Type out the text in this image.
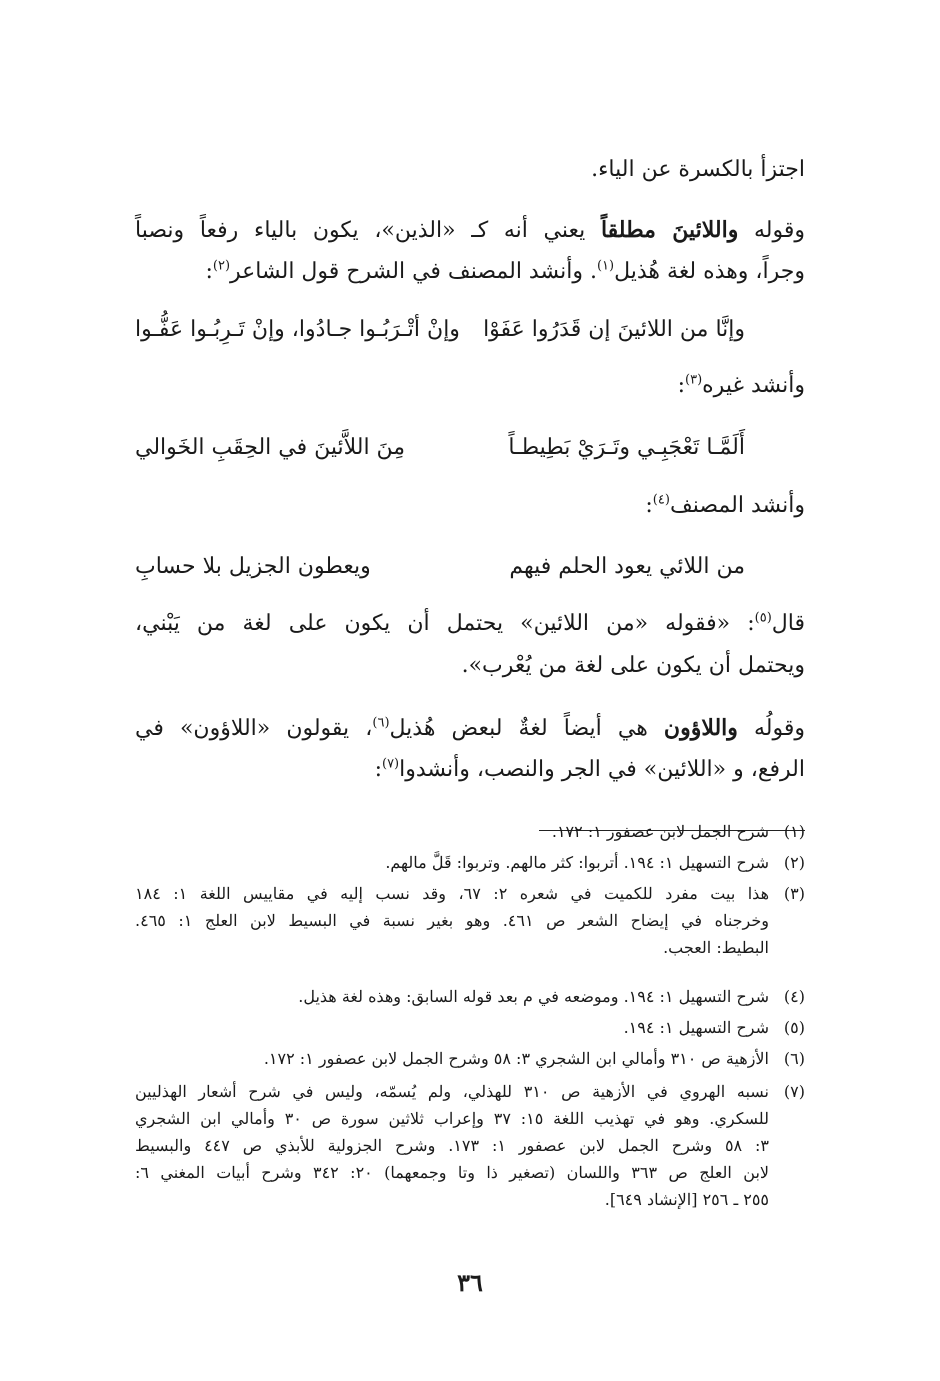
اجتزأ بالكسرة عن الياء.
وقوله واللائينَ مطلقاً يعني أنه كـ «الذين»، يكون بالياء رفعاً ونصباً
وجراً، وهذه لغة هُذيل$^{(١)}$. وأنشد المصنف في الشرح قول الشاعر$^{(٢)}$:
وإنَّا من اللائينَ إن قَدَرُوا عَفَوْا
وإنْ أتْـرَبُـوا جـادُوا، وإنْ تَـرِبُـوا عَفُّـوا
وأنشد غيره$^{(٣)}$:
أَلَمَّـا تَعْجَبِـي وتَـرَيْ بَطِيطـاً
مِنَ اللاَّئينَ في الحِقَبِ الخَوالي
وأنشد المصنف$^{(٤)}$:
من اللائي يعود الحلم فيهم
ويعطون الجزيل بلا حسابِ
قال$^{(٥)}$: «فقوله «من اللائين» يحتمل أن يكون على لغة من يَبْني،
ويحتمل أن يكون على لغة من يُعْرب».
وقولُه واللاؤون هي أيضاً لغةٌ لبعض هُذيل$^{(٦)}$، يقولون «اللاؤون» في
الرفع، و «اللائين» في الجر والنصب، وأنشدوا$^{(٧)}$:
(١)
شرح الجمل لابن عصفور ١: ١٧٢.
(٢)
شرح التسهيل ١: ١٩٤. أتربوا: كثر مالهم. وتربوا: قَلَّ مالهم.
(٣)
هذا بيت مفرد للكميت في شعره ٢: ٦٧، وقد نسب إليه في مقاييس اللغة ١: ١٨٤
وخرجناه في إيضاح الشعر ص ٤٦١. وهو بغير نسبة في البسيط لابن العلج ١: ٤٦٥.
البطيط: العجب.
(٤)
شرح التسهيل ١: ١٩٤. وموضعه في م بعد قوله السابق: وهذه لغة هذيل.
(٥)
شرح التسهيل ١: ١٩٤.
(٦)
الأزهية ص ٣١٠ وأمالي ابن الشجري ٣: ٥٨ وشرح الجمل لابن عصفور ١: ١٧٢.
(٧)
نسبه الهروي في الأزهية ص ٣١٠ للهذلي، ولم يُسمّه، وليس في شرح أشعار الهذليين
للسكري. وهو في تهذيب اللغة ١٥: ٣٧ وإعراب ثلاثين سورة ص ٣٠ وأمالي ابن الشجري
٣: ٥٨ وشرح الجمل لابن عصفور ١: ١٧٣. وشرح الجزولية للأبذي ص ٤٤٧ والبسيط
لابن العلج ص ٣٦٣ واللسان (تصغير ذا وتا وجمعهما) ٢٠: ٣٤٢ وشرح أبيات المغني ٦:
٢٥٥ ـ ٢٥٦ [الإنشاد ٦٤٩].
٣٦
